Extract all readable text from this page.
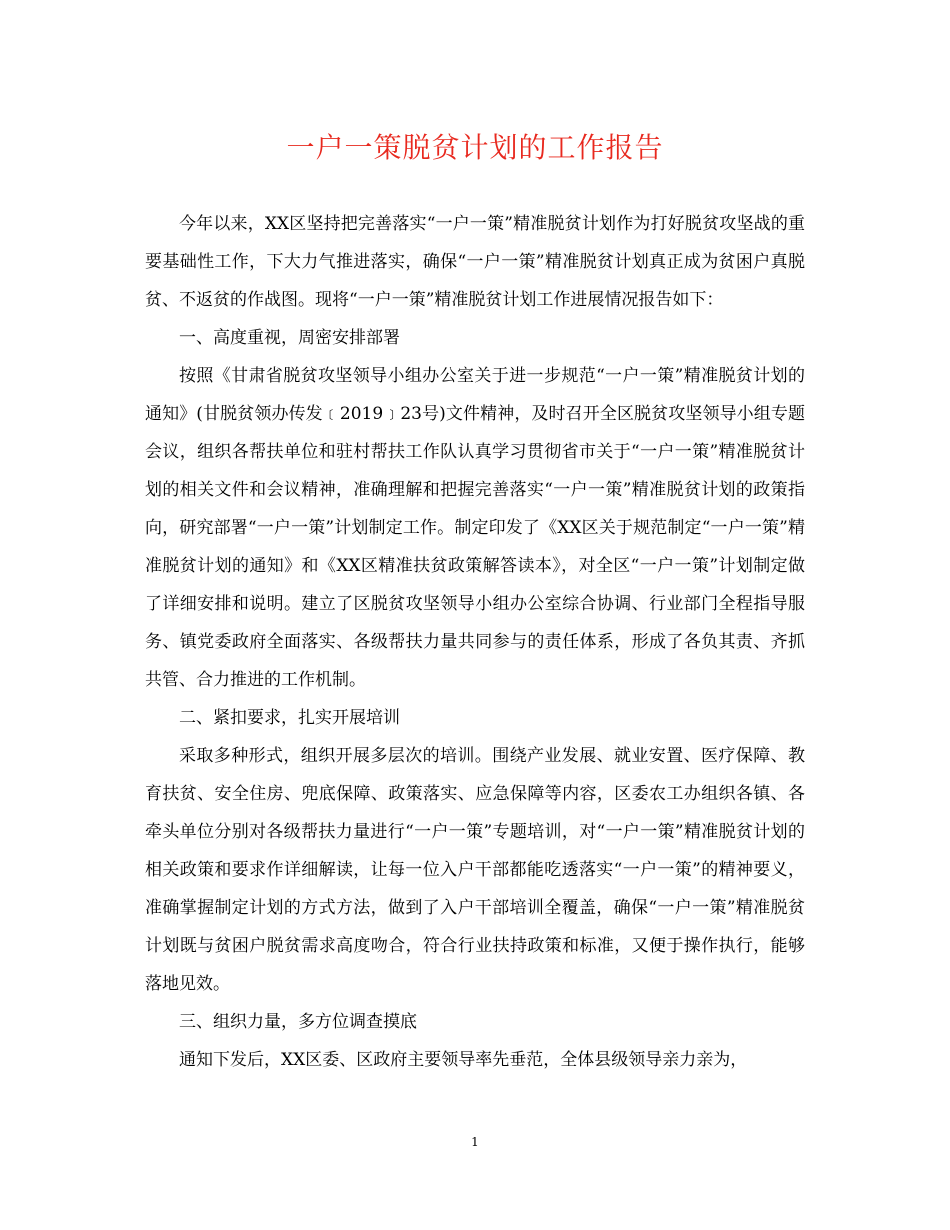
一户一策脱贫计划的工作报告

今年以来，XX区坚持把完善落实“一户一策”精准脱贫计划作为打好脱贫攻坚战的重要基础性工作，下大力气推进落实，确保“一户一策”精准脱贫计划真正成为贫困户真脱贫、不返贫的作战图。现将“一户一策”精准脱贫计划工作进展情况报告如下：

一、高度重视，周密安排部署

按照《甘肃省脱贫攻坚领导小组办公室关于进一步规范“一户一策”精准脱贫计划的通知》(甘脱贫领办传发﹝2019﹞23号)文件精神，及时召开全区脱贫攻坚领导小组专题会议，组织各帮扶单位和驻村帮扶工作队认真学习贯彻省市关于“一户一策”精准脱贫计划的相关文件和会议精神，准确理解和把握完善落实“一户一策”精准脱贫计划的政策指向，研究部署“一户一策”计划制定工作。制定印发了《XX区关于规范制定“一户一策”精准脱贫计划的通知》和《XX区精准扶贫政策解答读本》，对全区“一户一策”计划制定做了详细安排和说明。建立了区脱贫攻坚领导小组办公室综合协调、行业部门全程指导服务、镇党委政府全面落实、各级帮扶力量共同参与的责任体系，形成了各负其责、齐抓共管、合力推进的工作机制。

二、紧扣要求，扎实开展培训

采取多种形式，组织开展多层次的培训。围绕产业发展、就业安置、医疗保障、教育扶贫、安全住房、兜底保障、政策落实、应急保障等内容，区委农工办组织各镇、各牵头单位分别对各级帮扶力量进行“一户一策”专题培训，对“一户一策”精准脱贫计划的相关政策和要求作详细解读，让每一位入户干部都能吃透落实“一户一策”的精神要义，准确掌握制定计划的方式方法，做到了入户干部培训全覆盖，确保“一户一策”精准脱贫计划既与贫困户脱贫需求高度吻合，符合行业扶持政策和标准，又便于操作执行，能够落地见效。

三、组织力量，多方位调查摸底

通知下发后，XX区委、区政府主要领导率先垂范，全体县级领导亲力亲为，

1
